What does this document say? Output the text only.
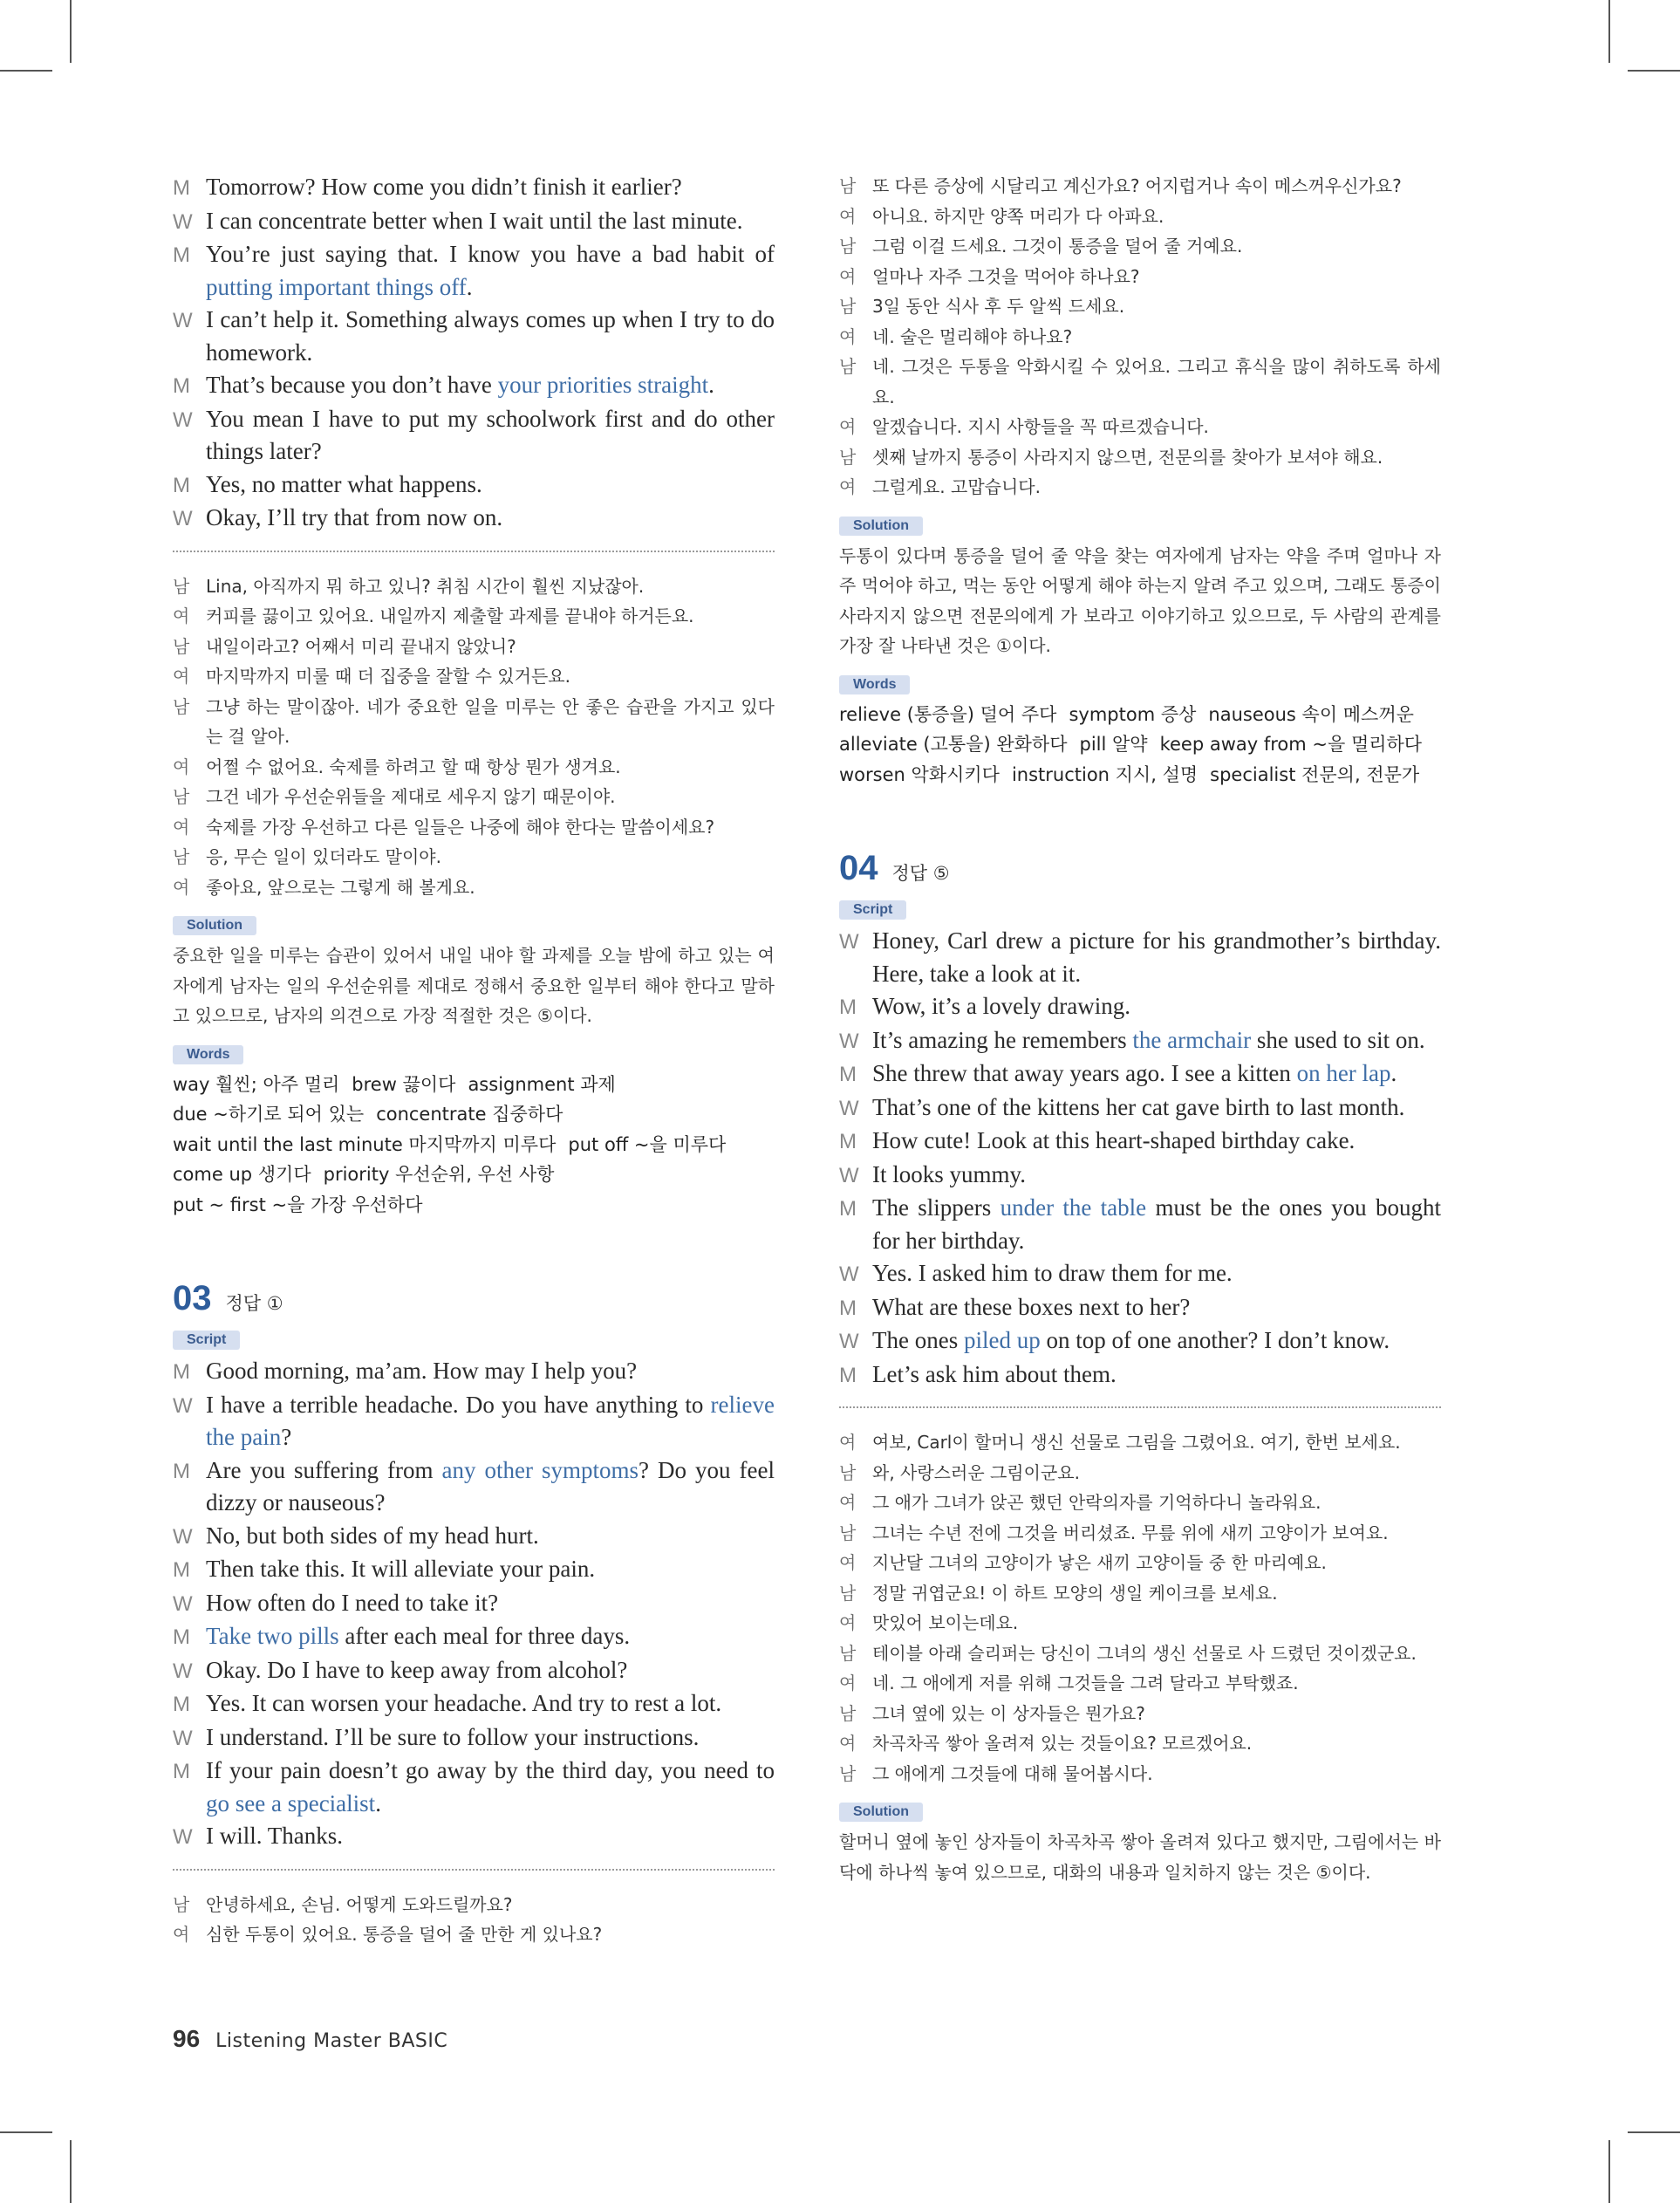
M Tomorrow? How come you didn’t finish it earlier?
W I can concentrate better when I wait until the last minute.
M You’re just saying that. I know you have a bad habit of putting important things off.
W I can’t help it. Something always comes up when I try to do homework.
M That’s because you don’t have your priorities straight.
W You mean I have to put my schoolwork first and do other things later?
M Yes, no matter what happens.
W Okay, I’ll try that from now on.
남 Lina, 아직까지 뭐 하고 있니? 취침 시간이 훨씬 지났잖아.
여 커피를 끓이고 있어요. 내일까지 제출할 과제를 끝내야 하거든요.
남 내일이라고? 어째서 미리 끝내지 않았니?
여 마지막까지 미룰 때 더 집중을 잘할 수 있거든요.
남 그냥 하는 말이잖아. 네가 중요한 일을 미루는 안 좋은 습관을 가지고 있다는 걸 알아.
여 어쩔 수 없어요. 숙제를 하려고 할 때 항상 뭔가 생겨요.
남 그건 네가 우선순위들을 제대로 세우지 않기 때문이야.
여 숙제를 가장 우선하고 다른 일들은 나중에 해야 한다는 말씀이세요?
남 응, 무슨 일이 있더라도 말이야.
여 좋아요, 앞으로는 그렇게 해 볼게요.
Solution
중요한 일을 미루는 습관이 있어서 내일 내야 할 과제를 오늘 밤에 하고 있는 여자에게 남자는 일의 우선순위를 제대로 정해서 중요한 일부터 해야 한다고 말하고 있으므로, 남자의 의견으로 가장 적절한 것은 ⑤이다.
Words
way 훨씬; 아주 멀리 brew 끓이다 assignment 과제
due ~하기로 되어 있는 concentrate 집중하다
wait until the last minute 마지막까지 미루다 put off ~을 미루다
come up 생기다 priority 우선순위, 우선 사항
put ~ first ~을 가장 우선하다
03 정답 ①
Script
M Good morning, ma’am. How may I help you?
W I have a terrible headache. Do you have anything to relieve the pain?
M Are you suffering from any other symptoms? Do you feel dizzy or nauseous?
W No, but both sides of my head hurt.
M Then take this. It will alleviate your pain.
W How often do I need to take it?
M Take two pills after each meal for three days.
W Okay. Do I have to keep away from alcohol?
M Yes. It can worsen your headache. And try to rest a lot.
W I understand. I’ll be sure to follow your instructions.
M If your pain doesn’t go away by the third day, you need to go see a specialist.
W I will. Thanks.
남 안녕하세요, 손님. 어떻게 도와드릴까요?
여 심한 두통이 있어요. 통증을 덜어 줄 만한 게 있나요?
남 또 다른 증상에 시달리고 계신가요? 어지럽거나 속이 메스꺼우신가요?
여 아니요. 하지만 양쪽 머리가 다 아파요.
남 그럼 이걸 드세요. 그것이 통증을 덜어 줄 거예요.
여 얼마나 자주 그것을 먹어야 하나요?
남 3일 동안 식사 후 두 알씩 드세요.
여 네. 술은 멀리해야 하나요?
남 네. 그것은 두통을 악화시킬 수 있어요. 그리고 휴식을 많이 취하도록 하세요.
여 알겠습니다. 지시 사항들을 꼭 따르겠습니다.
남 셋째 날까지 통증이 사라지지 않으면, 전문의를 찾아가 보셔야 해요.
여 그럴게요. 고맙습니다.
Solution
두통이 있다며 통증을 덜어 줄 약을 찾는 여자에게 남자는 약을 주며 얼마나 자주 먹어야 하고, 먹는 동안 어떻게 해야 하는지 알려 주고 있으며, 그래도 통증이 사라지지 않으면 전문의에게 가 보라고 이야기하고 있으므로, 두 사람의 관계를 가장 잘 나타낸 것은 ①이다.
Words
relieve (통증을) 덜어 주다 symptom 증상 nauseous 속이 메스꺼운
alleviate (고통을) 완화하다 pill 알약 keep away from ~을 멀리하다
worsen 악화시키다 instruction 지시, 설명 specialist 전문의, 전문가
04 정답 ⑤
Script
W Honey, Carl drew a picture for his grandmother’s birthday. Here, take a look at it.
M Wow, it’s a lovely drawing.
W It’s amazing he remembers the armchair she used to sit on.
M She threw that away years ago. I see a kitten on her lap.
W That’s one of the kittens her cat gave birth to last month.
M How cute! Look at this heart-shaped birthday cake.
W It looks yummy.
M The slippers under the table must be the ones you bought for her birthday.
W Yes. I asked him to draw them for me.
M What are these boxes next to her?
W The ones piled up on top of one another? I don’t know.
M Let’s ask him about them.
여 여보, Carl이 할머니 생신 선물로 그림을 그렸어요. 여기, 한번 보세요.
남 와, 사랑스러운 그림이군요.
여 그 애가 그녀가 앉곤 했던 안락의자를 기억하다니 놀라워요.
남 그녀는 수년 전에 그것을 버리셨죠. 무릎 위에 새끼 고양이가 보여요.
여 지난달 그녀의 고양이가 낳은 새끼 고양이들 중 한 마리예요.
남 정말 귀엽군요! 이 하트 모양의 생일 케이크를 보세요.
여 맛있어 보이는데요.
남 테이블 아래 슬리퍼는 당신이 그녀의 생신 선물로 사 드렸던 것이겠군요.
여 네. 그 애에게 저를 위해 그것들을 그려 달라고 부탁했죠.
남 그녀 옆에 있는 이 상자들은 뭔가요?
여 차곡차곡 쌓아 올려져 있는 것들이요? 모르겠어요.
남 그 애에게 그것들에 대해 물어봅시다.
Solution
할머니 옆에 놓인 상자들이 차곡차곡 쌓아 올려져 있다고 했지만, 그림에서는 바닥에 하나씩 놓여 있으므로, 대화의 내용과 일치하지 않는 것은 ⑤이다.
96 Listening Master BASIC
